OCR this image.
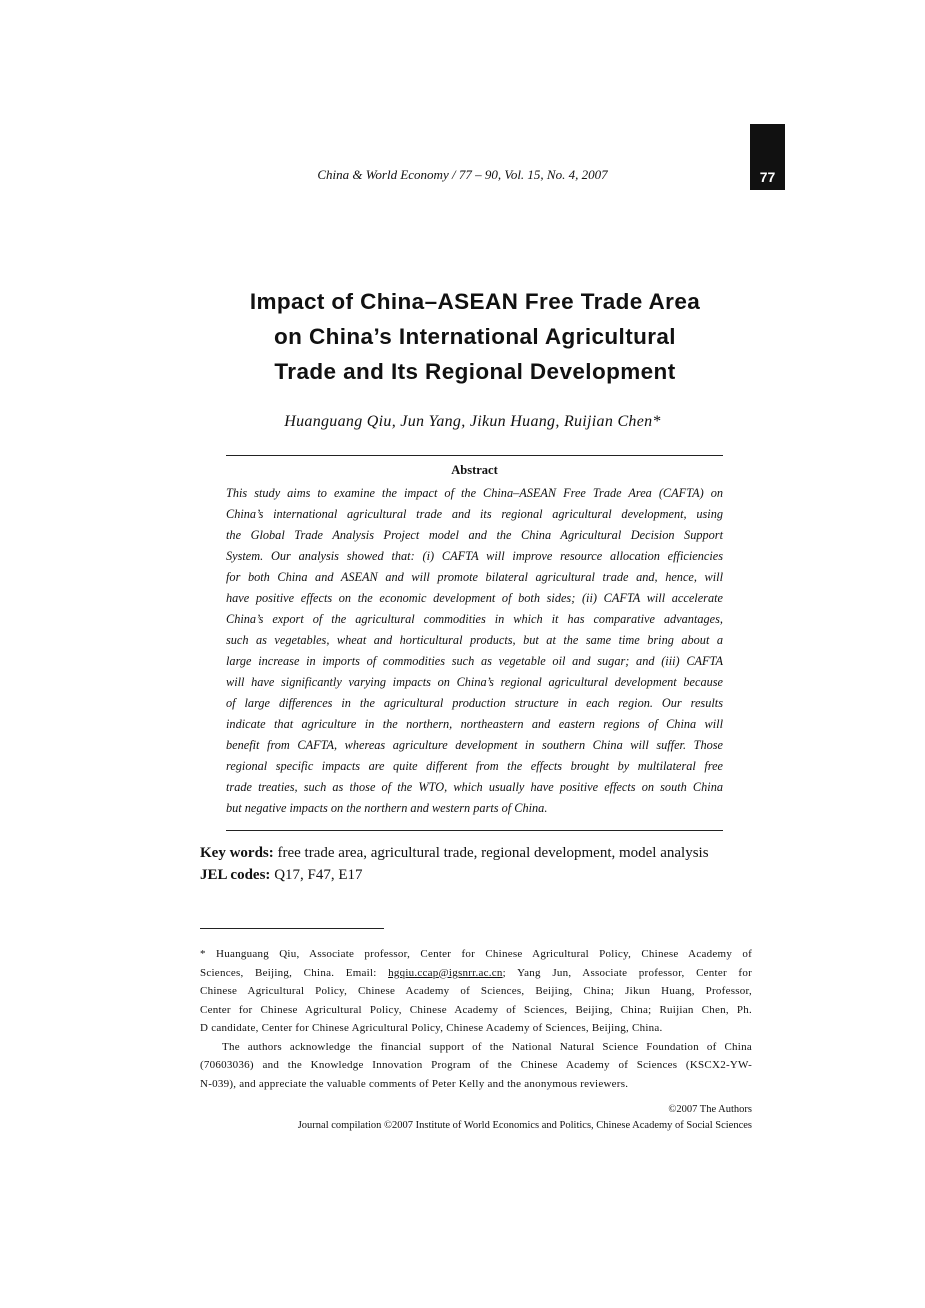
77
China & World Economy / 77 – 90, Vol. 15, No. 4, 2007
Impact of China–ASEAN Free Trade Area
on China’s International Agricultural
Trade and Its Regional Development
Huanguang Qiu, Jun Yang, Jikun Huang, Ruijian Chen*
Abstract
This study aims to examine the impact of the China–ASEAN Free Trade Area (CAFTA) on
China’s international agricultural trade and its regional agricultural development, using
the Global Trade Analysis Project model and the China Agricultural Decision Support
System. Our analysis showed that: (i) CAFTA will improve resource allocation efficiencies
for both China and ASEAN and will promote bilateral agricultural trade and, hence, will
have positive effects on the economic development of both sides; (ii) CAFTA will accelerate
China’s export of the agricultural commodities in which it has comparative advantages,
such as vegetables, wheat and horticultural products, but at the same time bring about a
large increase in imports of commodities such as vegetable oil and sugar; and (iii) CAFTA
will have significantly varying impacts on China’s regional agricultural development because
of large differences in the agricultural production structure in each region. Our results
indicate that agriculture in the northern, northeastern and eastern regions of China will
benefit from CAFTA, whereas agriculture development in southern China will suffer. Those
regional specific impacts are quite different from the effects brought by multilateral free
trade treaties, such as those of the WTO, which usually have positive effects on south China
but negative impacts on the northern and western parts of China.
Key words: free trade area, agricultural trade, regional development, model analysis
JEL codes: Q17, F47, E17
* Huanguang Qiu, Associate professor, Center for Chinese Agricultural Policy, Chinese Academy of
Sciences, Beijing, China. Email: hgqiu.ccap@igsnrr.ac.cn; Yang Jun, Associate professor, Center for
Chinese Agricultural Policy, Chinese Academy of Sciences, Beijing, China; Jikun Huang, Professor,
Center for Chinese Agricultural Policy, Chinese Academy of Sciences, Beijing, China; Ruijian Chen, Ph.
D candidate, Center for Chinese Agricultural Policy, Chinese Academy of Sciences, Beijing, China.
The authors acknowledge the financial support of the National Natural Science Foundation of China
(70603036) and the Knowledge Innovation Program of the Chinese Academy of Sciences (KSCX2-YW-
N-039), and appreciate the valuable comments of Peter Kelly and the anonymous reviewers.
©2007 The Authors
Journal compilation ©2007 Institute of World Economics and Politics, Chinese Academy of Social Sciences
